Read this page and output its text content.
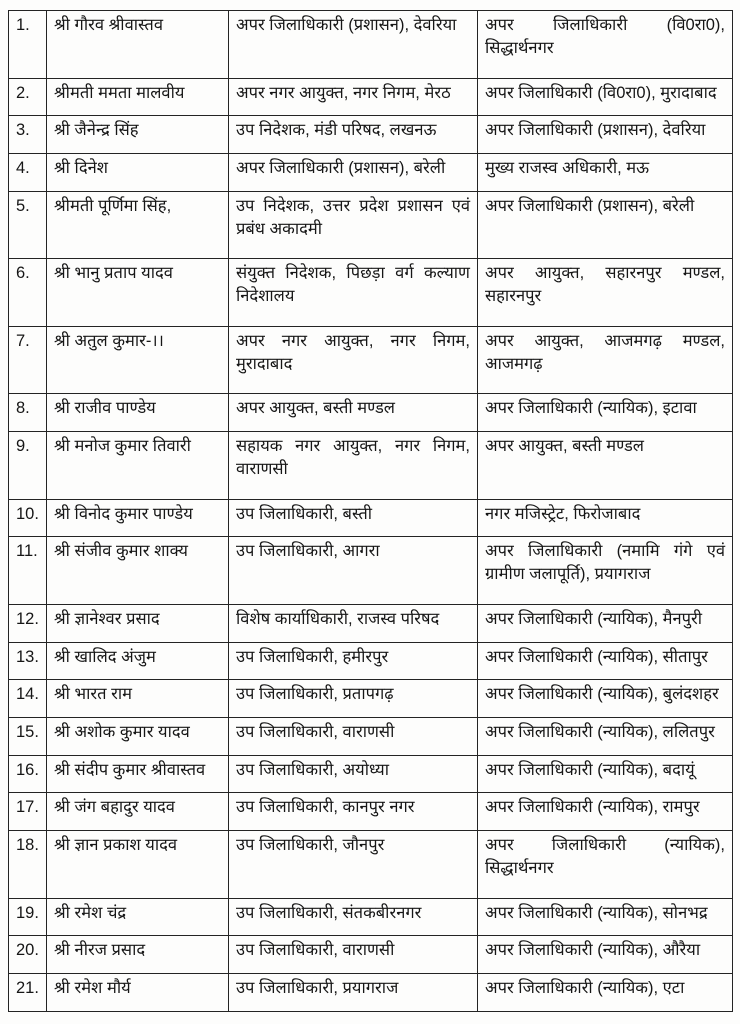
1.	श्री गौरव श्रीवास्तव	अपर जिलाधिकारी (प्रशासन), देवरिया	अपर जिलाधिकारी (वि0रा0), सिद्धार्थनगर
2.	श्रीमती ममता मालवीय	अपर नगर आयुक्त, नगर निगम, मेरठ	अपर जिलाधिकारी (वि0रा0), मुरादाबाद
3.	श्री जैनेन्द्र सिंह	उप निदेशक, मंडी परिषद, लखनऊ	अपर जिलाधिकारी (प्रशासन), देवरिया
4.	श्री दिनेश	अपर जिलाधिकारी (प्रशासन), बरेली	मुख्य राजस्व अधिकारी, मऊ
5.	श्रीमती पूर्णिमा सिंह,	उप निदेशक, उत्तर प्रदेश प्रशासन एवं प्रबंध अकादमी	अपर जिलाधिकारी (प्रशासन), बरेली
6.	श्री भानु प्रताप यादव	संयुक्त निदेशक, पिछड़ा वर्ग कल्याण निदेशालय	अपर आयुक्त, सहारनपुर मण्डल, सहारनपुर
7.	श्री अतुल कुमार-।।	अपर नगर आयुक्त, नगर निगम, मुरादाबाद	अपर आयुक्त, आजमगढ़ मण्डल, आजमगढ़
8.	श्री राजीव पाण्डेय	अपर आयुक्त, बस्ती मण्डल	अपर जिलाधिकारी (न्यायिक), इटावा
9.	श्री मनोज कुमार तिवारी	सहायक नगर आयुक्त, नगर निगम, वाराणसी	अपर आयुक्त, बस्ती मण्डल
10.	श्री विनोद कुमार पाण्डेय	उप जिलाधिकारी, बस्ती	नगर मजिस्ट्रेट, फिरोजाबाद
11.	श्री संजीव कुमार शाक्य	उप जिलाधिकारी, आगरा	अपर जिलाधिकारी (नमामि गंगे एवं ग्रामीण जलापूर्ति), प्रयागराज
12.	श्री ज्ञानेश्वर प्रसाद	विशेष कार्याधिकारी, राजस्व परिषद	अपर जिलाधिकारी (न्यायिक), मैनपुरी
13.	श्री खालिद अंजुम	उप जिलाधिकारी, हमीरपुर	अपर जिलाधिकारी (न्यायिक), सीतापुर
14.	श्री भारत राम	उप जिलाधिकारी, प्रतापगढ़	अपर जिलाधिकारी (न्यायिक), बुलंदशहर
15.	श्री अशोक कुमार यादव	उप जिलाधिकारी, वाराणसी	अपर जिलाधिकारी (न्यायिक), ललितपुर
16.	श्री संदीप कुमार श्रीवास्तव	उप जिलाधिकारी, अयोध्या	अपर जिलाधिकारी (न्यायिक), बदायूं
17.	श्री जंग बहादुर यादव	उप जिलाधिकारी, कानपुर नगर	अपर जिलाधिकारी (न्यायिक), रामपुर
18.	श्री ज्ञान प्रकाश यादव	उप जिलाधिकारी, जौनपुर	अपर जिलाधिकारी (न्यायिक), सिद्धार्थनगर
19.	श्री रमेश चंद्र	उप जिलाधिकारी, संतकबीरनगर	अपर जिलाधिकारी (न्यायिक), सोनभद्र
20.	श्री नीरज प्रसाद	उप जिलाधिकारी, वाराणसी	अपर जिलाधिकारी (न्यायिक), औरैया
21.	श्री रमेश मौर्य	उप जिलाधिकारी, प्रयागराज	अपर जिलाधिकारी (न्यायिक), एटा
